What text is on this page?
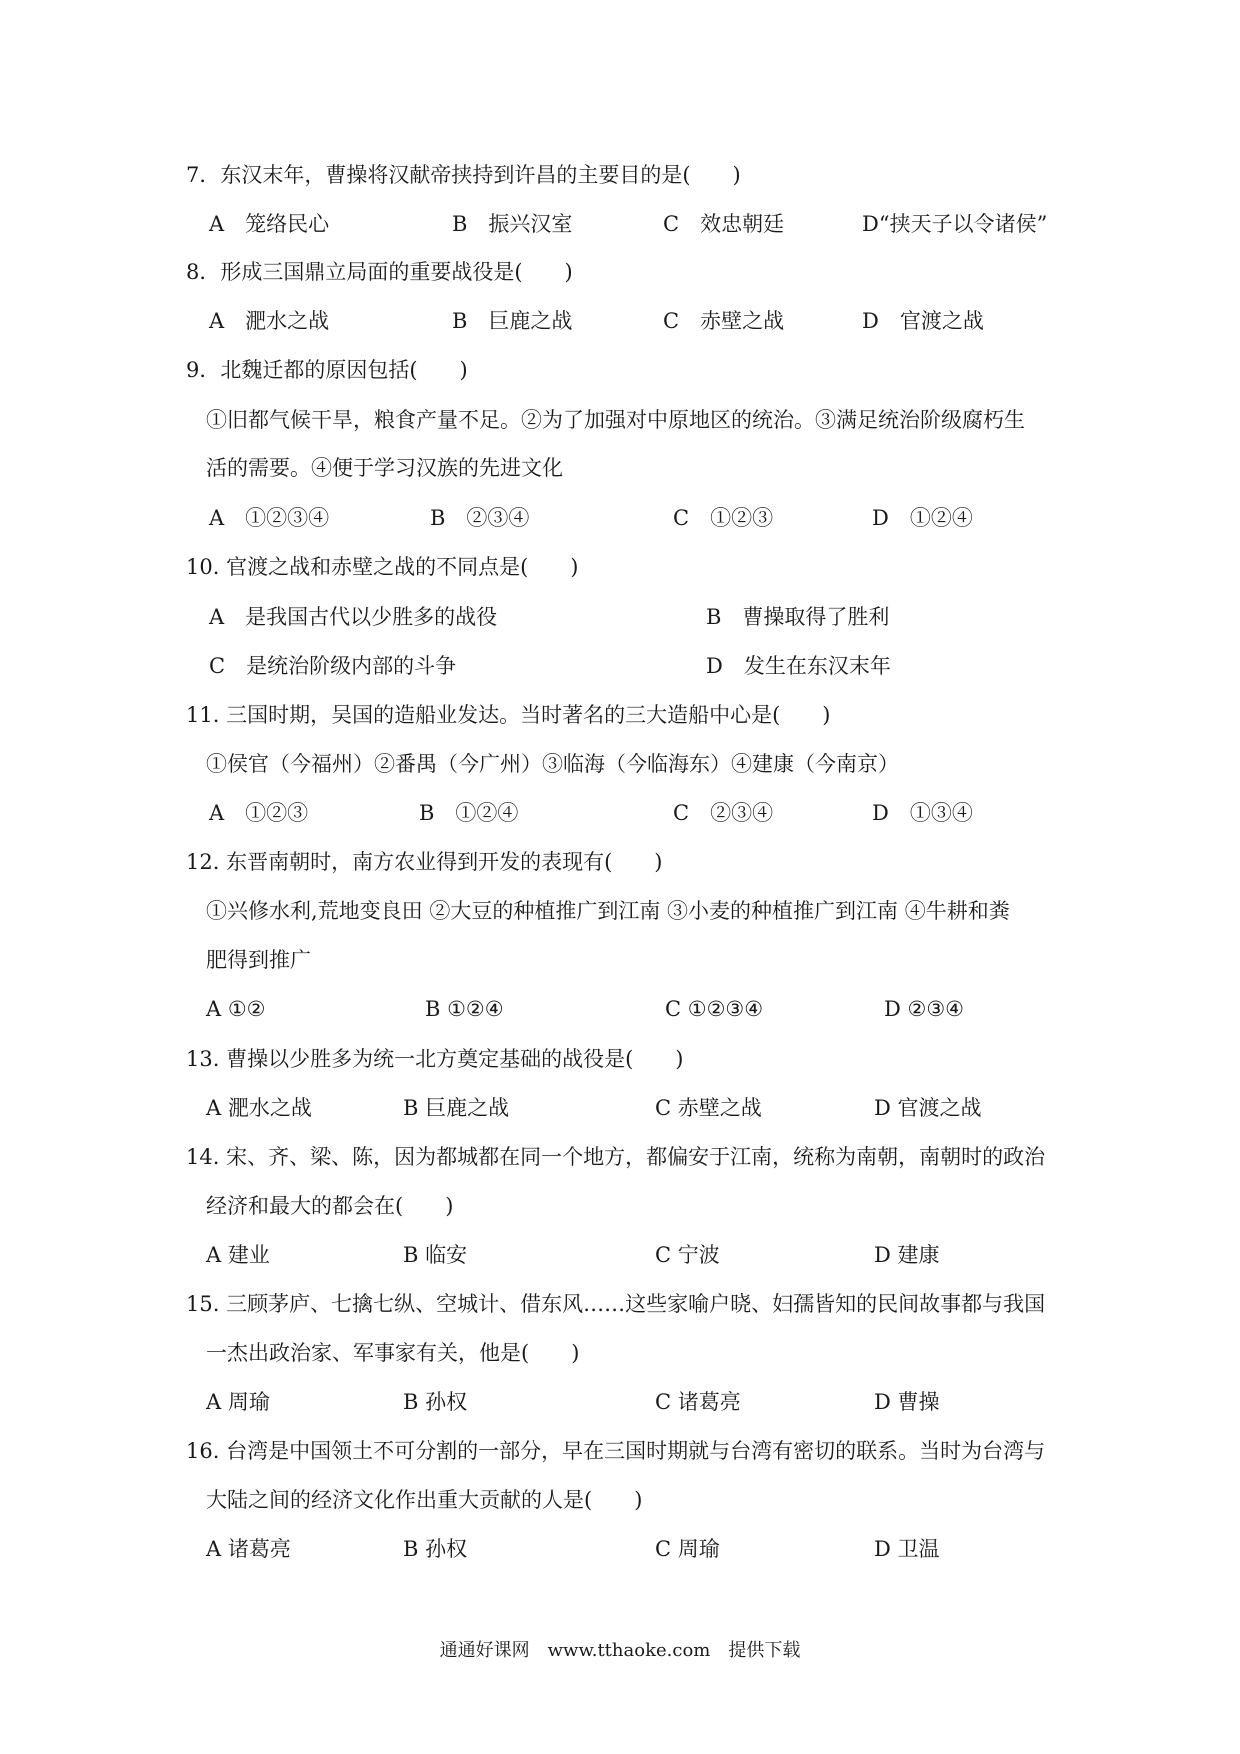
7．东汉末年，曹操将汉献帝挟持到许昌的主要目的是(　　)
A　笼络民心	B　振兴汉室	C　效忠朝廷	D“挟天子以令诸侯”
8．形成三国鼎立局面的重要战役是(　　)
A　淝水之战	B　巨鹿之战	C　赤壁之战	D　官渡之战
9．北魏迁都的原因包括(　　)
①旧都气候干旱，粮食产量不足。②为了加强对中原地区的统治。③满足统治阶级腐朽生
活的需要。④便于学习汉族的先进文化
A　①②③④	B　②③④	C　①②③	D　①②④
10. 官渡之战和赤壁之战的不同点是(　　)
A　是我国古代以少胜多的战役	B　曹操取得了胜利
C　是统治阶级内部的斗争	D　发生在东汉末年
11. 三国时期，吴国的造船业发达。当时著名的三大造船中心是(　　)
①侯官（今福州）②番禺（今广州）③临海（今临海东）④建康（今南京）
A　①②③	B　①②④	C　②③④	D　①③④
12. 东晋南朝时，南方农业得到开发的表现有(　　)
①兴修水利,荒地变良田 ②大豆的种植推广到江南 ③小麦的种植推广到江南 ④牛耕和粪
肥得到推广
A ①②	B ①②④	C ①②③④	D ②③④
13. 曹操以少胜多为统一北方奠定基础的战役是(　　)
A 淝水之战	B 巨鹿之战	C 赤壁之战	D 官渡之战
14. 宋、齐、梁、陈，因为都城都在同一个地方，都偏安于江南，统称为南朝，南朝时的政治
经济和最大的都会在(　　)
A 建业	B 临安	C 宁波	D 建康
15. 三顾茅庐、七擒七纵、空城计、借东风……这些家喻户晓、妇孺皆知的民间故事都与我国
一杰出政治家、军事家有关，他是(　　)
A 周瑜	B 孙权	C 诸葛亮	D 曹操
16. 台湾是中国领土不可分割的一部分，早在三国时期就与台湾有密切的联系。当时为台湾与
大陆之间的经济文化作出重大贡献的人是(　　)
A 诸葛亮	B 孙权	C 周瑜	D 卫温
通通好课网　www.tthaoke.com　提供下载
